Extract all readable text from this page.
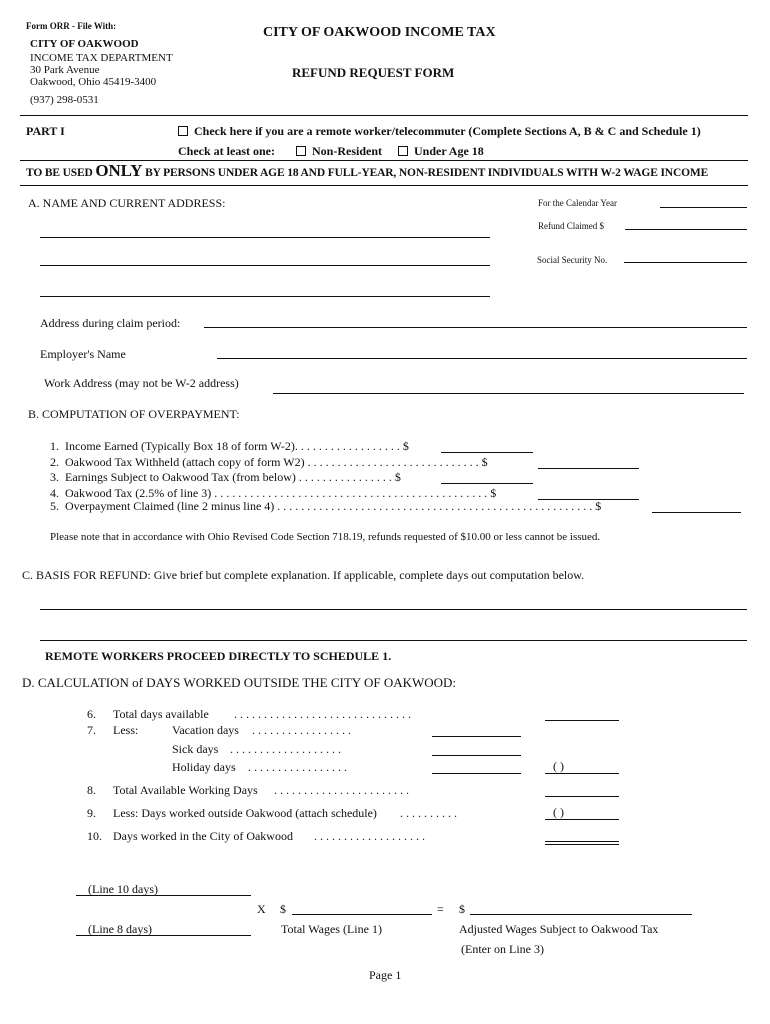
Form ORR - File With:
CITY OF OAKWOOD
INCOME TAX DEPARTMENT
30 Park Avenue
Oakwood, Ohio 45419-3400
(937) 298-0531
CITY OF OAKWOOD INCOME TAX
REFUND REQUEST FORM
PART I	Check here if you are a remote worker/telecommuter (Complete Sections A, B & C and Schedule 1)
Check at least one:	Non-Resident	Under Age 18
TO BE USED ONLY BY PERSONS UNDER AGE 18 AND FULL-YEAR, NON-RESIDENT INDIVIDUALS WITH W-2 WAGE INCOME
A. NAME AND CURRENT ADDRESS:	For the Calendar Year
Refund Claimed $
Social Security No.
Address during claim period:
Employer's Name
Work Address (may not be W-2 address)
B. COMPUTATION OF OVERPAYMENT:
1. Income Earned (Typically Box 18 of form W-2). . . . . . . . . . . . . . . . . . $
2. Oakwood Tax Withheld (attach copy of form W2) . . . . . . . . . . . . . . . . . . . . . . . . . . . . . $
3. Earnings Subject to Oakwood Tax (from below) . . . . . . . . . . . . . . . . $
4. Oakwood Tax (2.5% of line 3) . . . . . . . . . . . . . . . . . . . . . . . . . . . . . . . . . . . . . . . . . . . . . . $
5. Overpayment Claimed (line 2 minus line 4) . . . . . . . . . . . . . . . . . . . . . . . . . . . . . . . . . . . . . . . . . . . . . . . . . . . . . $
Please note that in accordance with Ohio Revised Code Section 718.19, refunds requested of $10.00 or less cannot be issued.
C. BASIS FOR REFUND: Give brief but complete explanation. If applicable, complete days out computation below.
REMOTE WORKERS PROCEED DIRECTLY TO SCHEDULE 1.
D. CALCULATION of DAYS WORKED OUTSIDE THE CITY OF OAKWOOD:
6. Total days available . . . . . . . . . . . . . . . . . . . . . . . . . . . . . .
7. Less:	Vacation days . . . . . . . . . . . . . . . . .
Sick days . . . . . . . . . . . . . . . . . . .
Holiday days . . . . . . . . . . . . . . . . .	( )
8. Total Available Working Days . . . . . . . . . . . . . . . . . . . . . . .
9. Less: Days worked outside Oakwood (attach schedule) . . . . . . . . . .	( )
10. Days worked in the City of Oakwood . . . . . . . . . . . . . . . . . . .
(Line 10 days)
X $	= $
(Line 8 days)	Total Wages (Line 1)	Adjusted Wages Subject to Oakwood Tax
(Enter on Line 3)
Page 1
